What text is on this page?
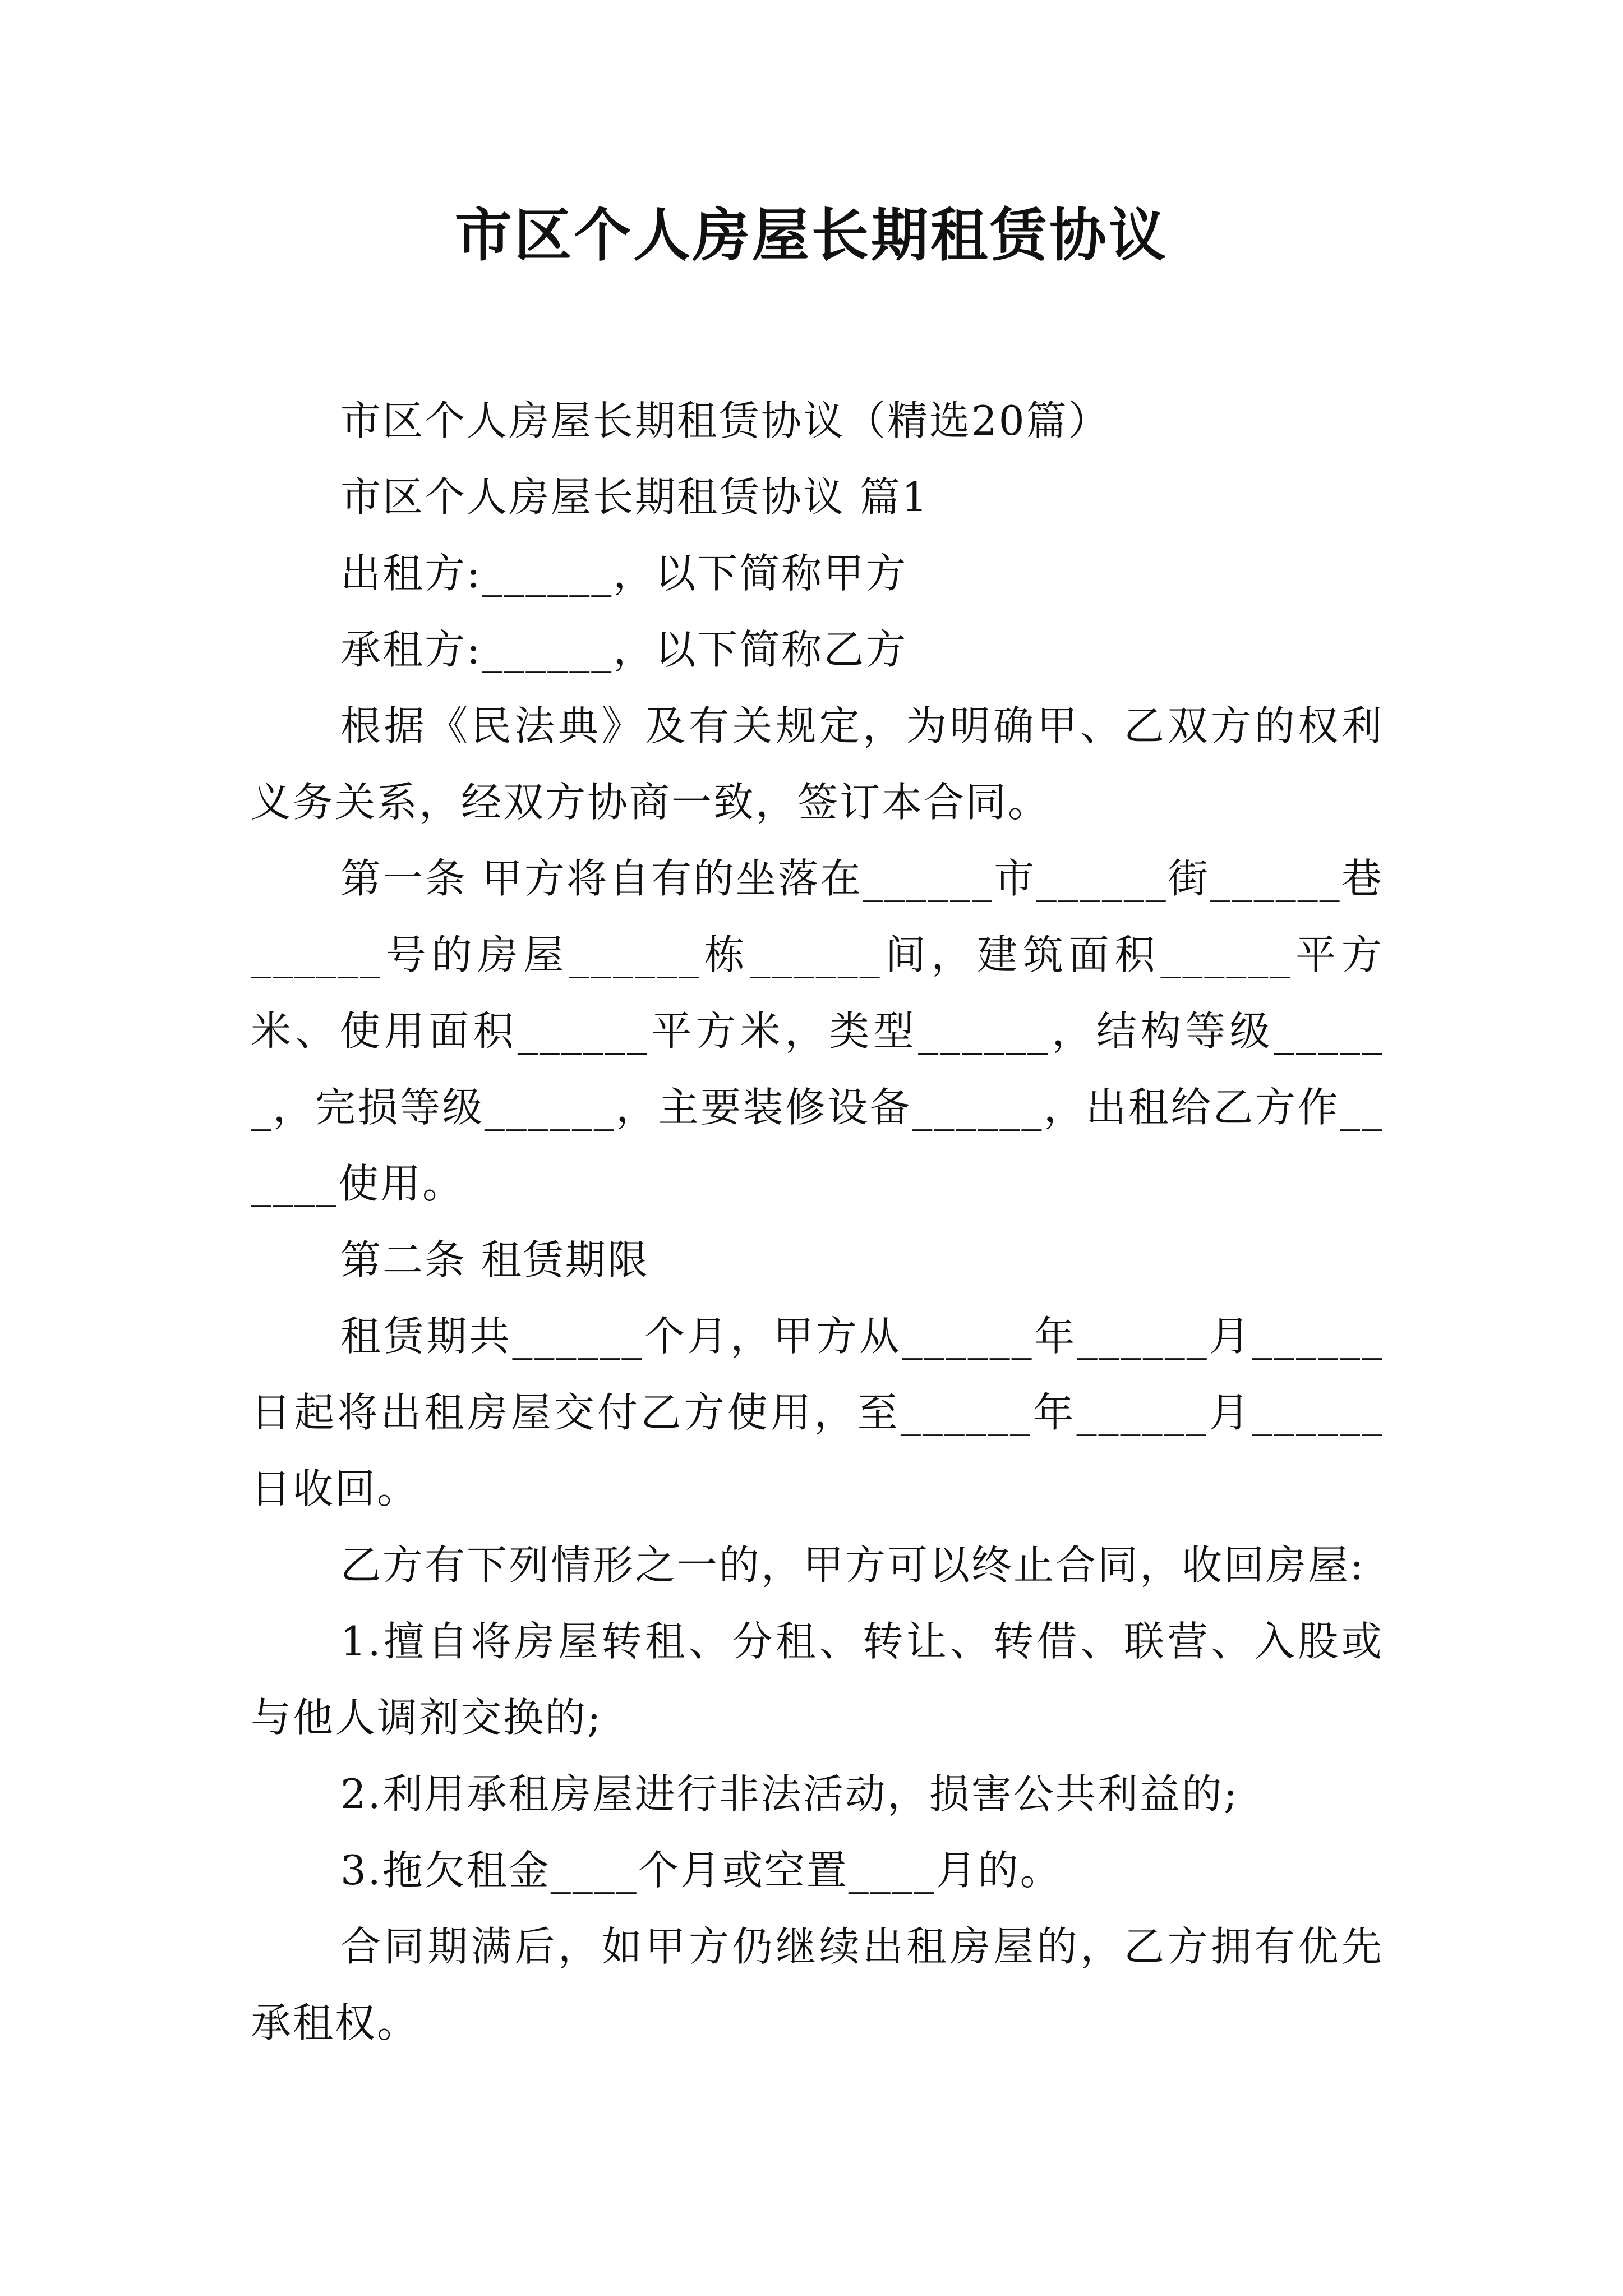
市区个人房屋长期租赁协议

市区个人房屋长期租赁协议（精选20篇）

市区个人房屋长期租赁协议 篇1

出租方:______，以下简称甲方

承租方:______，以下简称乙方

根据《民法典》及有关规定，为明确甲、乙双方的权利义务关系，经双方协商一致，签订本合同。

第一条 甲方将自有的坐落在______市______街______巷______号的房屋______栋______间，建筑面积______平方米、使用面积______平方米，类型______，结构等级______，完损等级______，主要装修设备______，出租给乙方作______使用。

第二条 租赁期限

租赁期共______个月，甲方从______年______月______日起将出租房屋交付乙方使用，至______年______月______日收回。

乙方有下列情形之一的，甲方可以终止合同，收回房屋:

1.擅自将房屋转租、分租、转让、转借、联营、入股或与他人调剂交换的;

2.利用承租房屋进行非法活动，损害公共利益的;

3.拖欠租金____个月或空置____月的。

合同期满后，如甲方仍继续出租房屋的，乙方拥有优先承租权。
